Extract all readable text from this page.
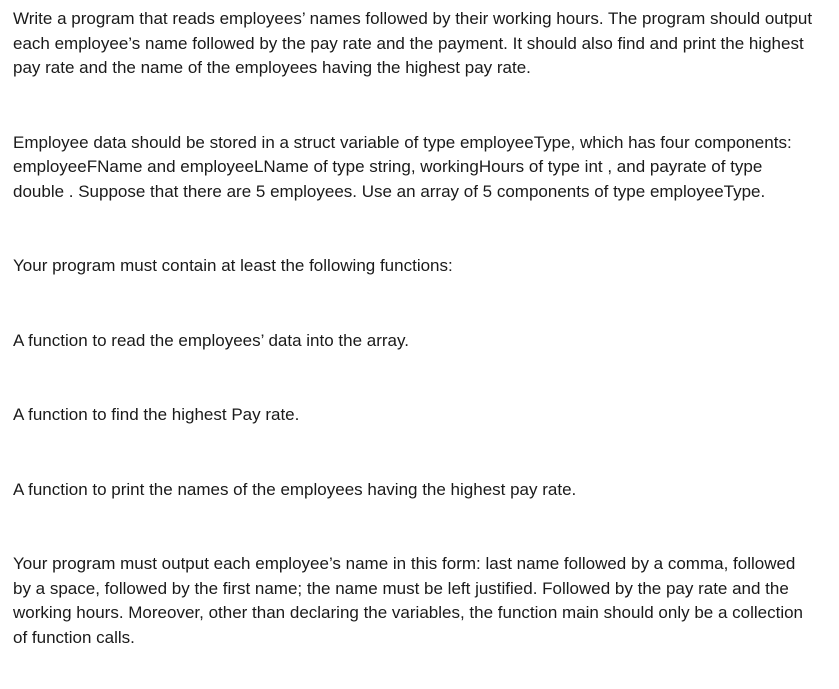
Write a program that reads employees’ names followed by their working hours. The program should output each employee’s name followed by the pay rate and the payment. It should also find and print the highest pay rate and the name of the employees having the highest pay rate.

Employee data should be stored in a struct variable of type employeeType, which has four components: employeeFName and employeeLName of type string, workingHours of type int , and payrate of type double . Suppose that there are 5 employees. Use an array of 5 components of type employeeType.

Your program must contain at least the following functions:

A function to read the employees’ data into the array.

A function to find the highest Pay rate.

A function to print the names of the employees having the highest pay rate.

Your program must output each employee’s name in this form: last name followed by a comma, followed by a space, followed by the first name; the name must be left justified. Followed by the pay rate and the working hours. Moreover, other than declaring the variables, the function main should only be a collection of function calls.
